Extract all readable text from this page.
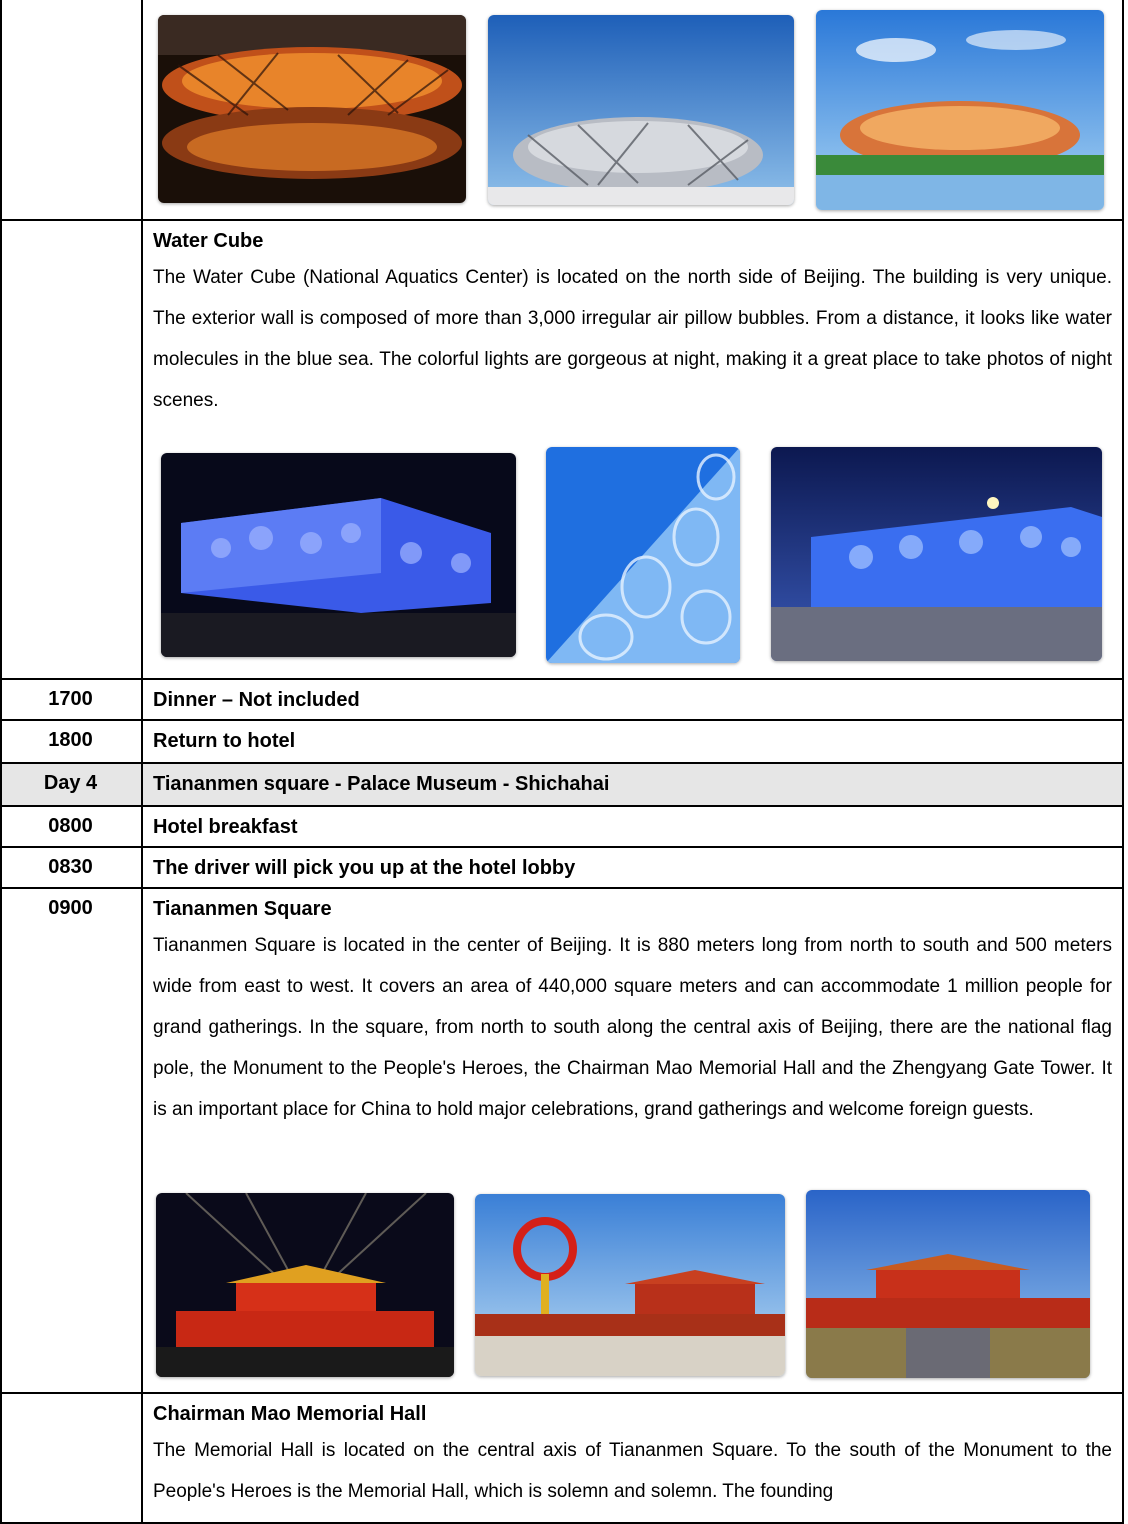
Water Cube

The Water Cube (National Aquatics Center) is located on the north side of Beijing. The building is very unique. The exterior wall is composed of more than 3,000 irregular air pillow bubbles. From a distance, it looks like water molecules in the blue sea. The colorful lights are gorgeous at night, making it a great place to take photos of night scenes.

1700	Dinner – Not included

1800	Return to hotel

Day 4	Tiananmen square - Palace Museum - Shichahai

0800	Hotel breakfast

0830	The driver will pick you up at the hotel lobby

0900	Tiananmen Square

Tiananmen Square is located in the center of Beijing. It is 880 meters long from north to south and 500 meters wide from east to west. It covers an area of 440,000 square meters and can accommodate 1 million people for grand gatherings. In the square, from north to south along the central axis of Beijing, there are the national flag pole, the Monument to the People's Heroes, the Chairman Mao Memorial Hall and the Zhengyang Gate Tower. It is an important place for China to hold major celebrations, grand gatherings and welcome foreign guests.

Chairman Mao Memorial Hall

The Memorial Hall is located on the central axis of Tiananmen Square. To the south of the Monument to the People's Heroes is the Memorial Hall, which is solemn and solemn. The founding
